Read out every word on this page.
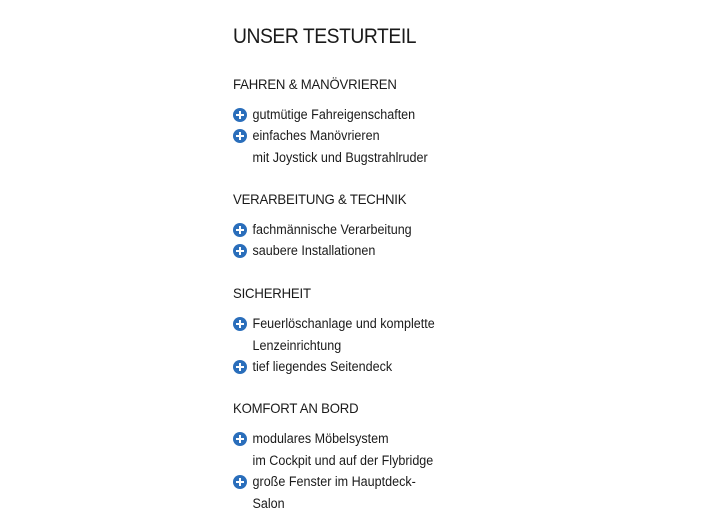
UNSER TESTURTEIL
FAHREN & MANÖVRIEREN
gutmütige Fahreigenschaften
einfaches Manövrieren
mit Joystick und Bugstrahlruder
VERARBEITUNG & TECHNIK
fachmännische Verarbeitung
saubere Installationen
SICHERHEIT
Feuerlöschanlage und komplette
Lenzeinrichtung
tief liegendes Seitendeck
KOMFORT AN BORD
modulares Möbelsystem
im Cockpit und auf der Flybridge
große Fenster im Hauptdeck-
Salon
